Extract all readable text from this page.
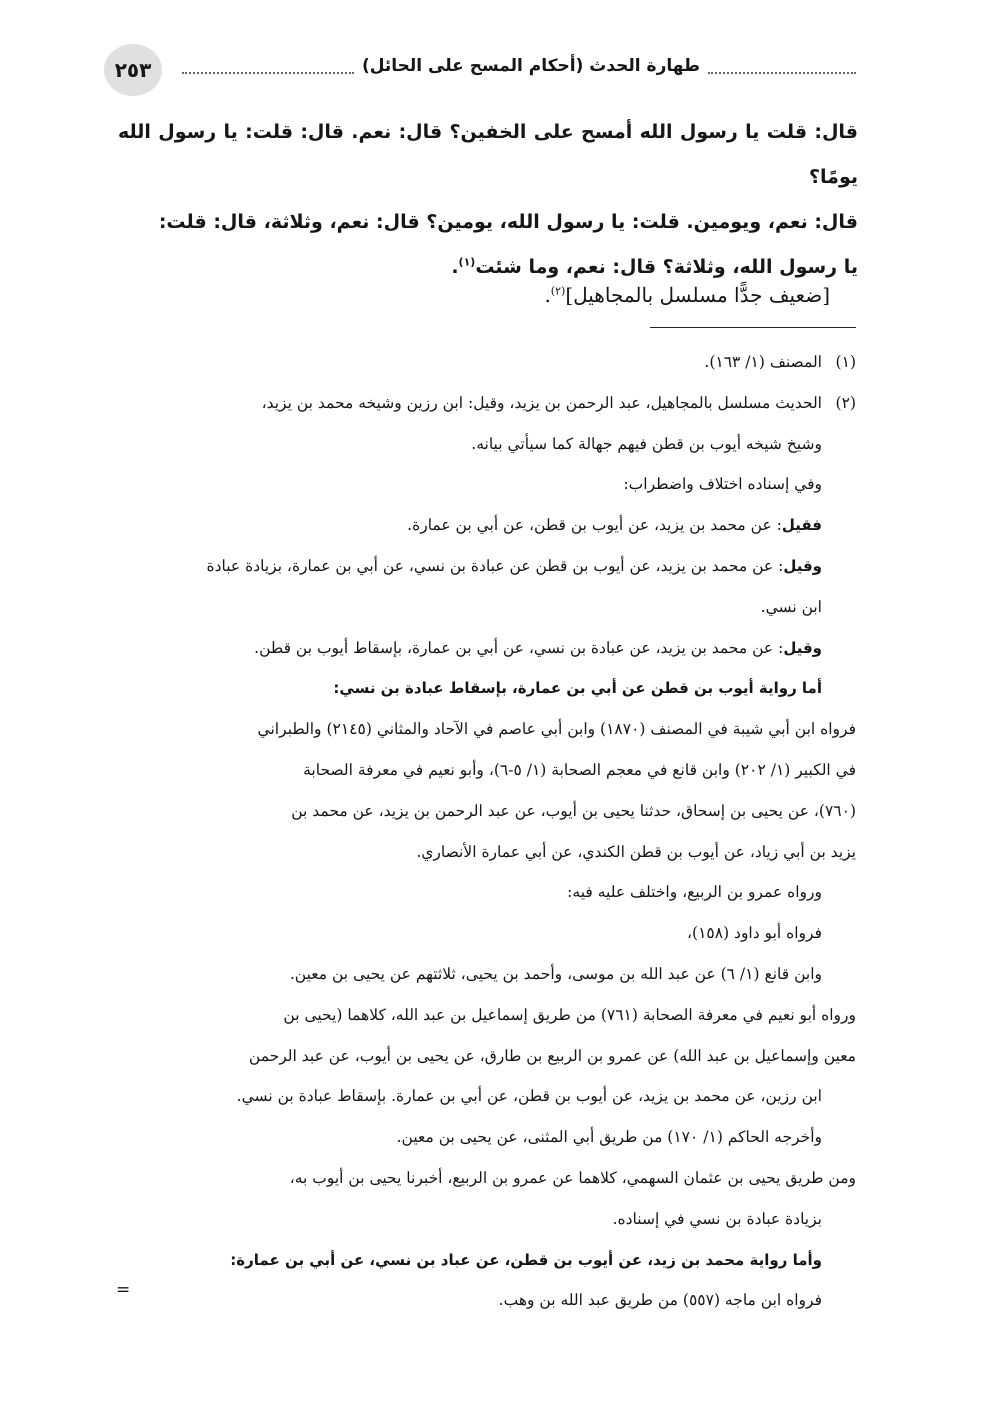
٢٥٣	طهارة الحدث (أحكام المسح على الحائل)

قال: قلت يا رسول الله أمسح على الخفين؟ قال: نعم. قال: قلت: يا رسول الله يومًا؟

قال: نعم، ويومين. قلت: يا رسول الله، يومين؟ قال: نعم، وثلاثة، قال: قلت:

يا رسول الله، وثلاثة؟ قال: نعم، وما شئت$^{(١)}$.

[ضعيف جدًّا مسلسل بالمجاهيل]$^{(٢)}$.
(١)
المصنف (١/ ١٦٣).
(٢)

الحديث مسلسل بالمجاهيل، عبد الرحمن بن يزيد، وقيل: ابن رزين وشيخه محمد بن يزيد،

وشيخ شيخه أيوب بن قطن فيهم جهالة كما سيأتي بيانه.

وفي إسناده اختلاف واضطراب:

فقيل: عن محمد بن يزيد، عن أيوب بن قطن، عن أبي بن عمارة.

وقيل: عن محمد بن يزيد، عن أيوب بن قطن عن عبادة بن نسي، عن أبي بن عمارة، بزيادة عبادة

ابن نسي.

وقيل: عن محمد بن يزيد، عن عبادة بن نسي، عن أبي بن عمارة، بإسقاط أيوب بن قطن.

أما رواية أيوب بن قطن عن أبي بن عمارة، بإسقاط عبادة بن نسي:

فرواه ابن أبي شيبة في المصنف (١٨٧٠) وابن أبي عاصم في الآحاد والمثاني (٢١٤٥) والطبراني

في الكبير (١/ ٢٠٢) وابن قانع في معجم الصحابة (١/ ٥-٦)، وأبو نعيم في معرفة الصحابة

(٧٦٠)، عن يحيى بن إسحاق، حدثنا يحيى بن أيوب، عن عبد الرحمن بن يزيد، عن محمد بن

يزيد بن أبي زياد، عن أيوب بن قطن الكندي، عن أبي عمارة الأنصاري.

ورواه عمرو بن الربيع، واختلف عليه فيه:

فرواه أبو داود (١٥٨)،

وابن قانع (١/ ٦) عن عبد الله بن موسى، وأحمد بن يحيى، ثلاثتهم عن يحيى بن معين.

ورواه أبو نعيم في معرفة الصحابة (٧٦١) من طريق إسماعيل بن عبد الله، كلاهما (يحيى بن

معين وإسماعيل بن عبد الله) عن عمرو بن الربيع بن طارق، عن يحيى بن أيوب، عن عبد الرحمن

ابن رزين، عن محمد بن يزيد، عن أيوب بن قطن، عن أبي بن عمارة. بإسقاط عبادة بن نسي.

وأخرجه الحاكم (١/ ١٧٠) من طريق أبي المثنى، عن يحيى بن معين.

ومن طريق يحيى بن عثمان السهمي، كلاهما عن عمرو بن الربيع، أخبرنا يحيى بن أيوب به،

بزيادة عبادة بن نسي في إسناده.

وأما رواية محمد بن زيد، عن أيوب بن قطن، عن عباد بن نسي، عن أبي بن عمارة:

فرواه ابن ماجه (٥٥٧) من طريق عبد الله بن وهب.

=
